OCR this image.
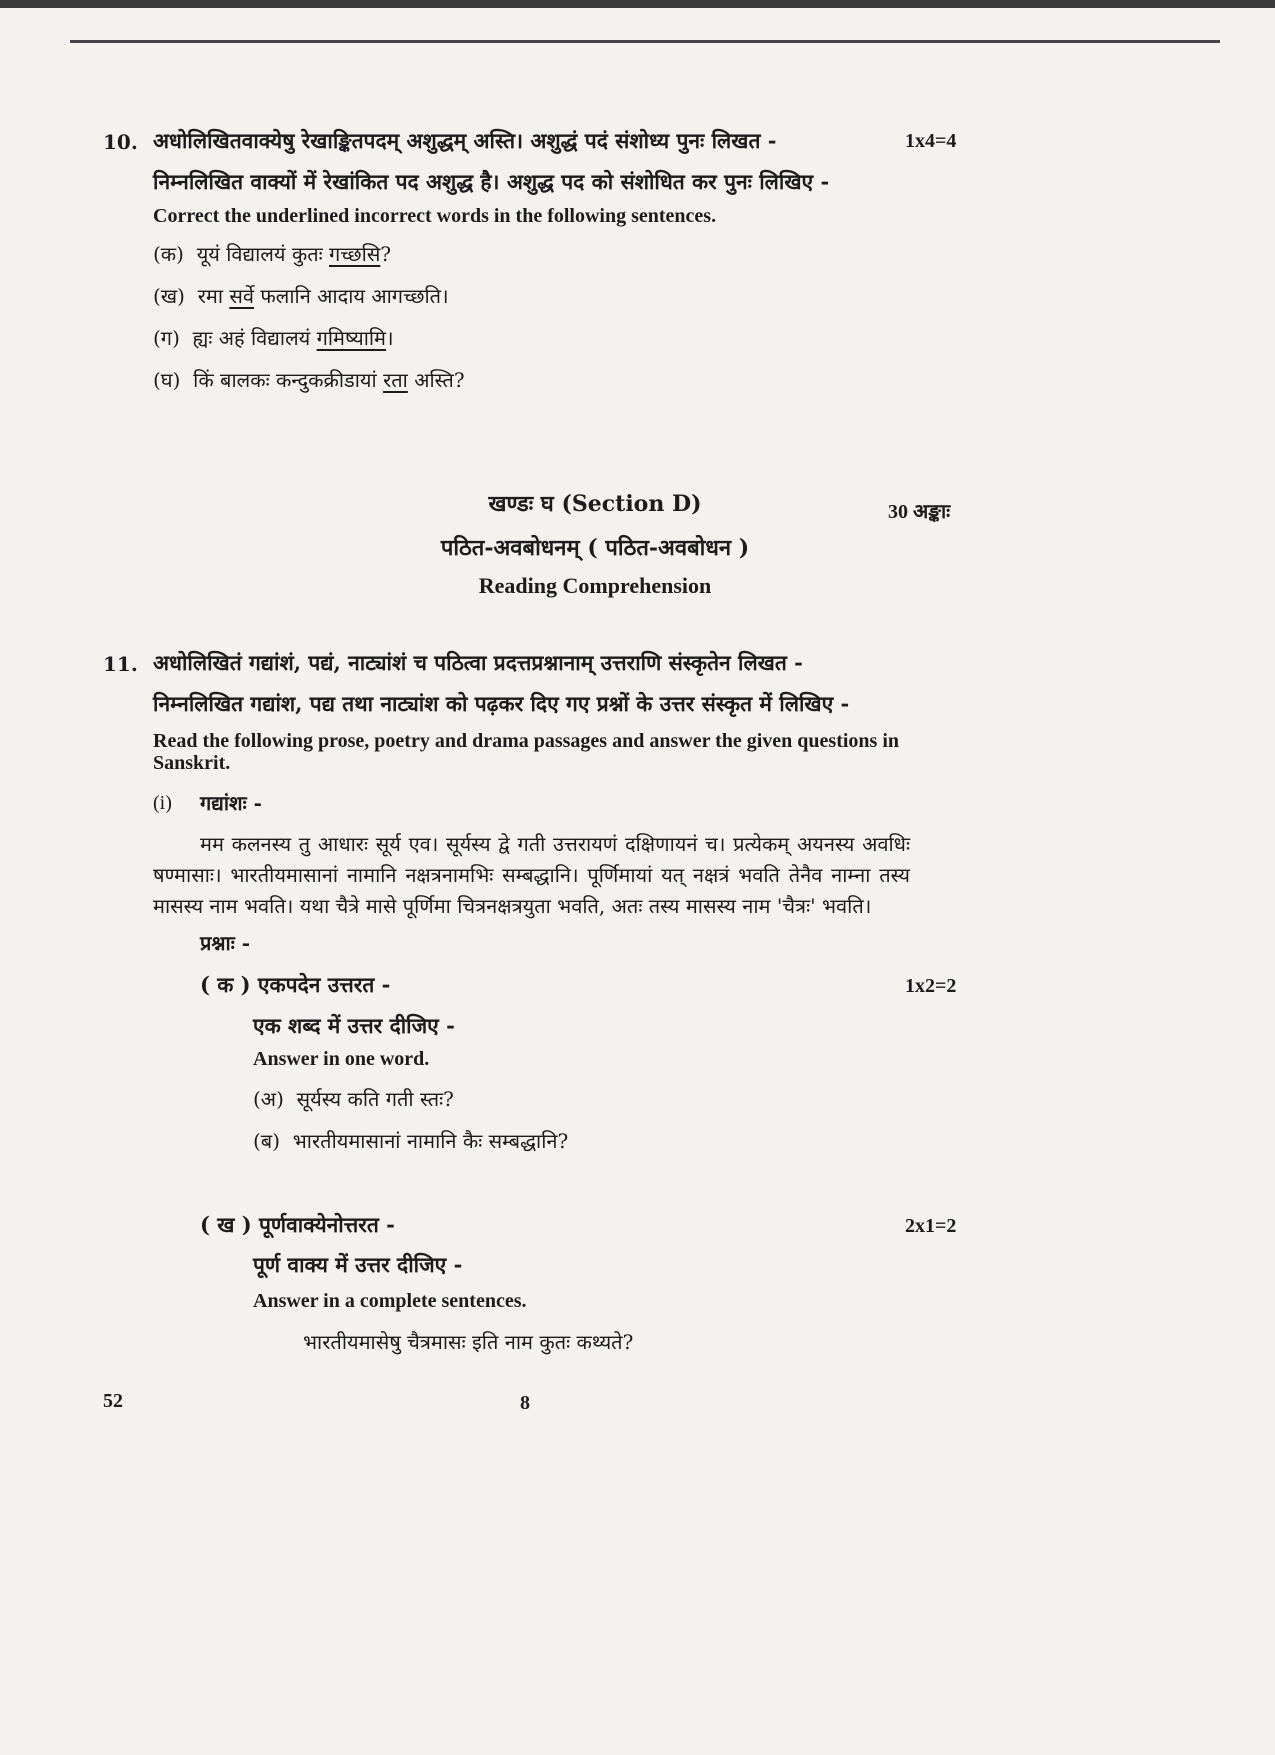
10. अधोलिखितवाक्येषु रेखाङ्कितपदम् अशुद्धम् अस्ति। अशुद्धं पदं संशोध्य पुनः लिखत -	1x4=4
निम्नलिखित वाक्यों में रेखांकित पद अशुद्ध है। अशुद्ध पद को संशोधित कर पुनः लिखिए -
Correct the underlined incorrect words in the following sentences.
(क) यूयं विद्यालयं कुतः गच्छसि?
(ख) रमा सर्वे फलानि आदाय आगच्छति।
(ग) ह्यः अहं विद्यालयं गमिष्यामि।
(घ) किं बालकः कन्दुकक्रीडायां रता अस्ति?
खण्डः घ (Section D)	30 अङ्काः
पठित-अवबोधनम् ( पठित-अवबोधन )
Reading Comprehension
11. अधोलिखितं गद्यांशं, पद्यं, नाट्यांशं च पठित्वा प्रदत्तप्रश्नानाम् उत्तराणि संस्कृतेन लिखत -
निम्नलिखित गद्यांश, पद्य तथा नाट्यांश को पढ़कर दिए गए प्रश्नों के उत्तर संस्कृत में लिखिए -
Read the following prose, poetry and drama passages and answer the given questions in Sanskrit.
(i) गद्यांशः -
मम कलनस्य तु आधारः सूर्य एव। सूर्यस्य द्वे गती उत्तरायणं दक्षिणायनं च। प्रत्येकम् अयनस्य अवधिः षण्मासाः। भारतीयमासानां नामानि नक्षत्रनामभिः सम्बद्धानि। पूर्णिमायां यत् नक्षत्रं भवति तेनैव नाम्ना तस्य मासस्य नाम भवति। यथा चैत्रे मासे पूर्णिमा चित्रनक्षत्रयुता भवति, अतः तस्य मासस्य नाम 'चैत्रः' भवति।
प्रश्नाः -
( क ) एकपदेन उत्तरत -	1x2=2
एक शब्द में उत्तर दीजिए -
Answer in one word.
(अ) सूर्यस्य कति गती स्तः?
(ब) भारतीयमासानां नामानि कैः सम्बद्धानि?
( ख ) पूर्णवाक्येनोत्तरत -	2x1=2
पूर्ण वाक्य में उत्तर दीजिए -
Answer in a complete sentences.
भारतीयमासेषु चैत्रमासः इति नाम कुतः कथ्यते?
52	8
